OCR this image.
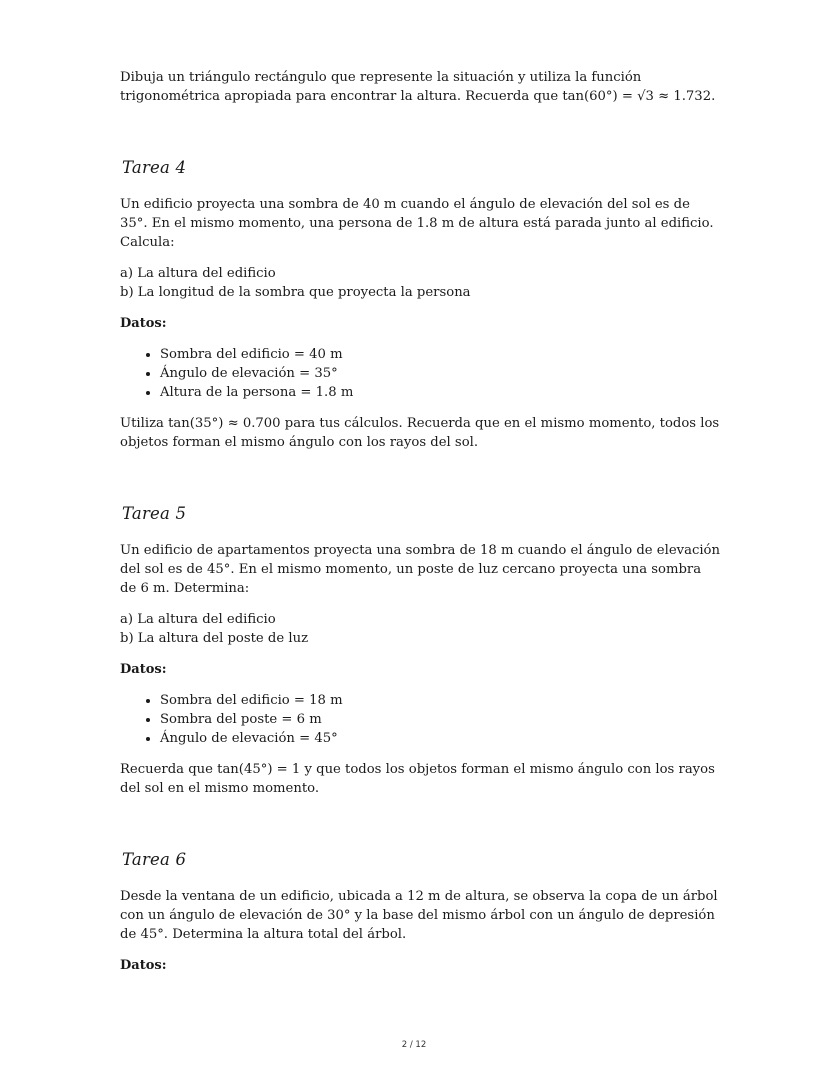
Dibuja un triángulo rectángulo que represente la situación y utiliza la función trigonométrica apropiada para encontrar la altura. Recuerda que tan(60°) = √3 ≈ 1.732.

Tarea 4

Un edificio proyecta una sombra de 40 m cuando el ángulo de elevación del sol es de 35°. En el mismo momento, una persona de 1.8 m de altura está parada junto al edificio. Calcula:

a) La altura del edificio

b) La longitud de la sombra que proyecta la persona

Datos:

• Sombra del edificio = 40 m
• Ángulo de elevación = 35°
• Altura de la persona = 1.8 m

Utiliza tan(35°) ≈ 0.700 para tus cálculos. Recuerda que en el mismo momento, todos los objetos forman el mismo ángulo con los rayos del sol.

Tarea 5

Un edificio de apartamentos proyecta una sombra de 18 m cuando el ángulo de elevación del sol es de 45°. En el mismo momento, un poste de luz cercano proyecta una sombra de 6 m. Determina:

a) La altura del edificio

b) La altura del poste de luz

Datos:

• Sombra del edificio = 18 m
• Sombra del poste = 6 m
• Ángulo de elevación = 45°

Recuerda que tan(45°) = 1 y que todos los objetos forman el mismo ángulo con los rayos del sol en el mismo momento.

Tarea 6

Desde la ventana de un edificio, ubicada a 12 m de altura, se observa la copa de un árbol con un ángulo de elevación de 30° y la base del mismo árbol con un ángulo de depresión de 45°. Determina la altura total del árbol.

Datos:

2 / 12
